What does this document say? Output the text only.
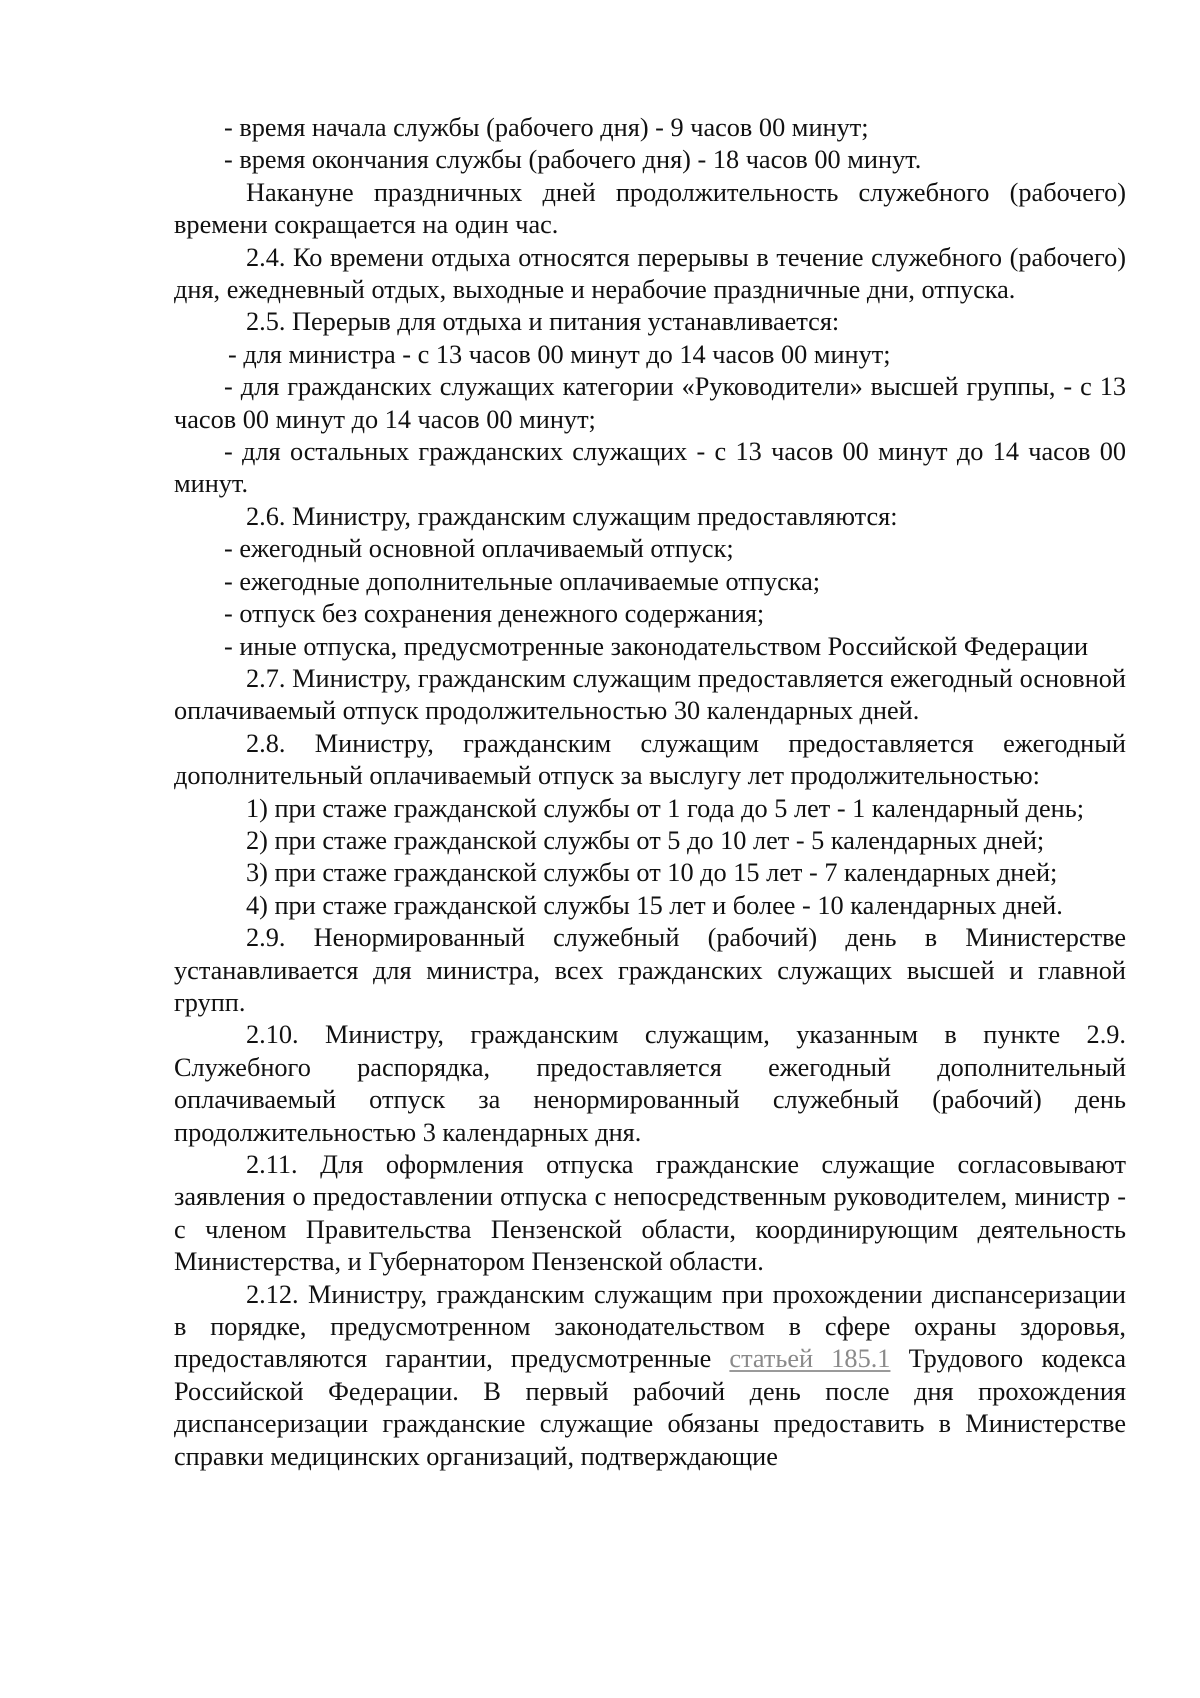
- время начала службы (рабочего дня) - 9 часов 00 минут;

- время окончания службы (рабочего дня) - 18 часов 00 минут.

Накануне праздничных дней продолжительность служебного (рабочего) времени сокращается на один час.

2.4. Ко времени отдыха относятся перерывы в течение служебного (рабочего) дня, ежедневный отдых, выходные и нерабочие праздничные дни, отпуска.

2.5. Перерыв для отдыха и питания устанавливается:

- для министра - с 13 часов 00 минут до 14 часов 00 минут;

- для гражданских служащих категории «Руководители» высшей группы, - с 13 часов 00 минут до 14 часов 00 минут;

- для остальных гражданских служащих - с 13 часов 00 минут до 14 часов 00 минут.

2.6. Министру, гражданским служащим предоставляются:

- ежегодный основной оплачиваемый отпуск;

- ежегодные дополнительные оплачиваемые отпуска;

- отпуск без сохранения денежного содержания;

- иные отпуска, предусмотренные законодательством Российской Федерации

2.7. Министру, гражданским служащим предоставляется ежегодный основной оплачиваемый отпуск продолжительностью 30 календарных дней.

2.8. Министру, гражданским служащим предоставляется ежегодный дополнительный оплачиваемый отпуск за выслугу лет продолжительностью:

1) при стаже гражданской службы от 1 года до 5 лет - 1 календарный день;

2) при стаже гражданской службы от 5 до 10 лет - 5 календарных дней;

3) при стаже гражданской службы от 10 до 15 лет - 7 календарных дней;

4) при стаже гражданской службы 15 лет и более - 10 календарных дней.

2.9. Ненормированный служебный (рабочий) день в Министерстве устанавливается для министра, всех гражданских служащих высшей и главной групп.

2.10. Министру, гражданским служащим, указанным в пункте 2.9. Служебного распорядка, предоставляется ежегодный дополнительный оплачиваемый отпуск за ненормированный служебный (рабочий) день продолжительностью 3 календарных дня.

2.11. Для оформления отпуска гражданские служащие согласовывают заявления о предоставлении отпуска с непосредственным руководителем, министр - с членом Правительства Пензенской области, координирующим деятельность Министерства, и Губернатором Пензенской области.

2.12. Министру, гражданским служащим при прохождении диспансеризации в порядке, предусмотренном законодательством в сфере охраны здоровья, предоставляются гарантии, предусмотренные статьей 185.1 Трудового кодекса Российской Федерации. В первый рабочий день после дня прохождения диспансеризации гражданские служащие обязаны предоставить в Министерстве справки медицинских организаций, подтверждающие
